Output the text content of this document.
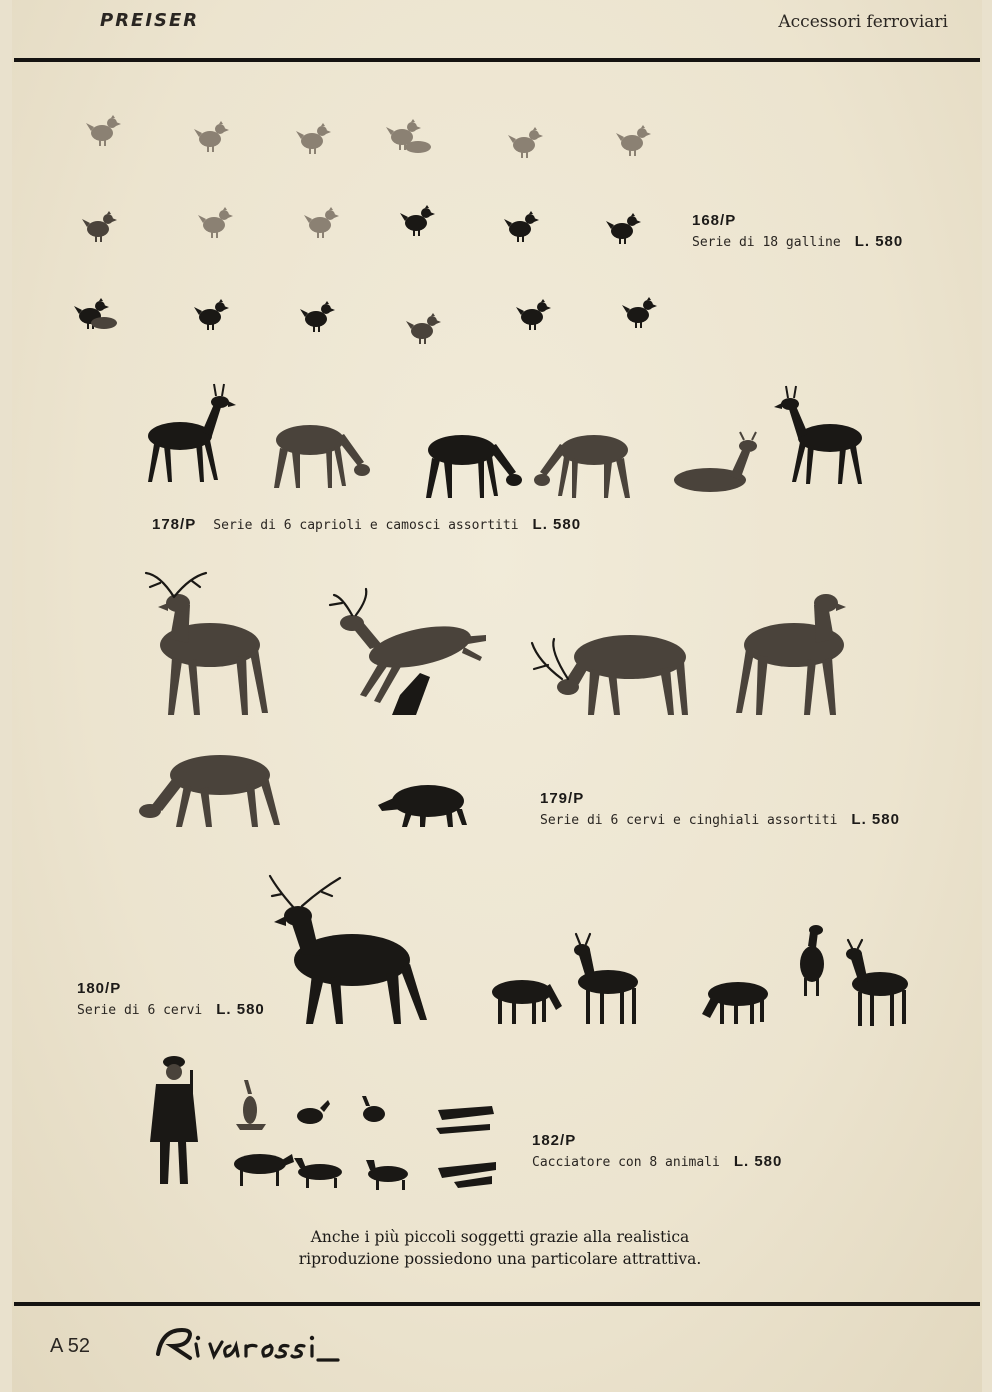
PREISER	Accessori ferroviari
168/P
Serie di 18 galline L. 580
178/P Serie di 6 caprioli e camosci assortiti L. 580
179/P
Serie di 6 cervi e cinghiali assortiti L. 580
180/P
Serie di 6 cervi L. 580
182/P
Cacciatore con 8 animali L. 580
Anche i più piccoli soggetti grazie alla realistica
riproduzione possiedono una particolare attrattiva.
A 52
